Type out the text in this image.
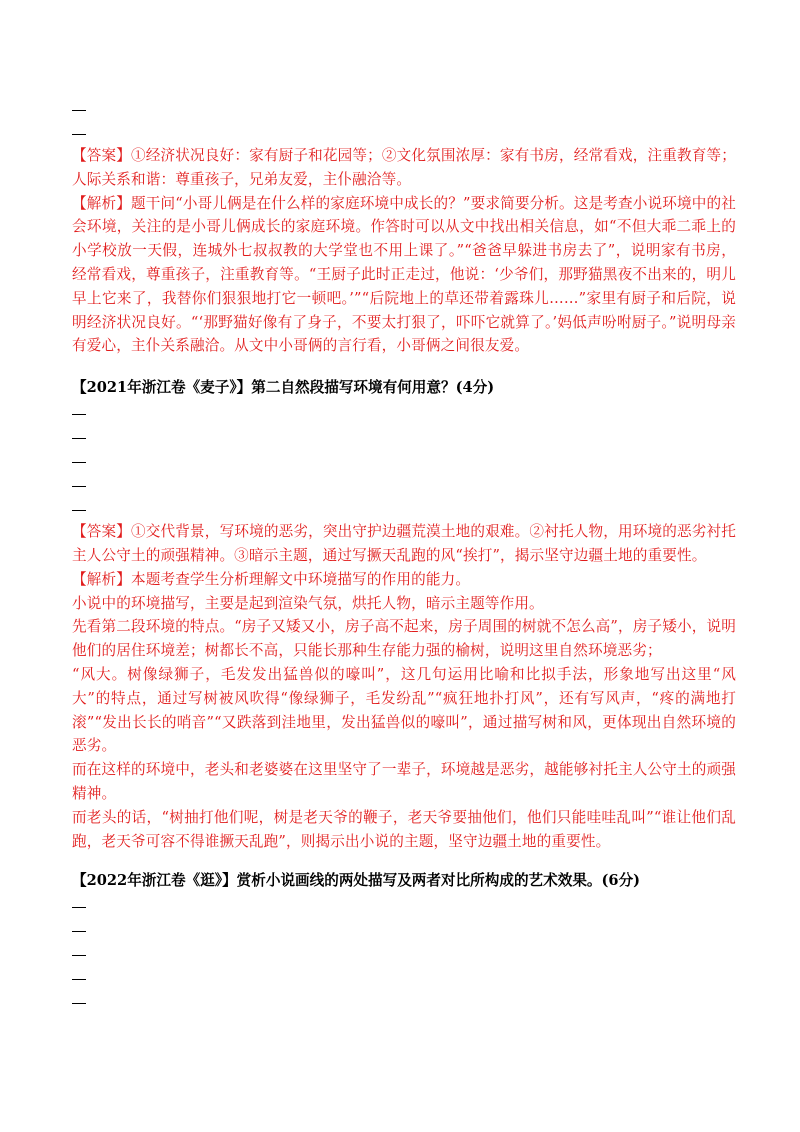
【答案】①经济状况良好：家有厨子和花园等；②文化氛围浓厚：家有书房，经常看戏，注重教育等；人际关系和谐：尊重孩子，兄弟友爱，主仆融洽等。

【解析】题干问“小哥儿俩是在什么样的家庭环境中成长的？”要求简要分析。这是考查小说环境中的社会环境，关注的是小哥儿俩成长的家庭环境。作答时可以从文中找出相关信息，如“不但大乖二乖上的小学校放一天假，连城外七叔叔教的大学堂也不用上课了。”“爸爸早躲进书房去了”，说明家有书房，经常看戏，尊重孩子，注重教育等。“王厨子此时正走过，他说：‘少爷们，那野猫黑夜不出来的，明儿早上它来了，我替你们狠狠地打它一顿吧。’”“后院地上的草还带着露珠儿……”家里有厨子和后院，说明经济状况良好。“‘那野猫好像有了身子，不要太打狠了，吓吓它就算了。’妈低声吩咐厨子。”说明母亲有爱心，主仆关系融洽。从文中小哥俩的言行看，小哥俩之间很友爱。

【2021年浙江卷《麦子》】第二自然段描写环境有何用意？(4分)

【答案】①交代背景，写环境的恶劣，突出守护边疆荒漠土地的艰难。②衬托人物，用环境的恶劣衬托主人公守土的顽强精神。③暗示主题，通过写撅天乱跑的风“挨打”，揭示坚守边疆土地的重要性。

【解析】本题考查学生分析理解文中环境描写的作用的能力。

小说中的环境描写，主要是起到渲染气氛，烘托人物，暗示主题等作用。

先看第二段环境的特点。“房子又矮又小，房子高不起来，房子周围的树就不怎么高”，房子矮小，说明他们的居住环境差；树都长不高，只能长那种生存能力强的榆树，说明这里自然环境恶劣；

“风大。树像绿狮子，毛发发出猛兽似的嚎叫”，这几句运用比喻和比拟手法，形象地写出这里“风大”的特点，通过写树被风吹得“像绿狮子，毛发纷乱”“疯狂地扑打风”，还有写风声，“疼的满地打滚”“发出长长的哨音”“又跌落到洼地里，发出猛兽似的嚎叫”，通过描写树和风，更体现出自然环境的恶劣。

而在这样的环境中，老头和老婆婆在这里坚守了一辈子，环境越是恶劣，越能够衬托主人公守土的顽强精神。

而老头的话，“树抽打他们呢，树是老天爷的鞭子，老天爷要抽他们，他们只能哇哇乱叫”“谁让他们乱跑，老天爷可容不得谁撅天乱跑”，则揭示出小说的主题，坚守边疆土地的重要性。

【2022年浙江卷《逛》】赏析小说画线的两处描写及两者对比所构成的艺术效果。(6分)
